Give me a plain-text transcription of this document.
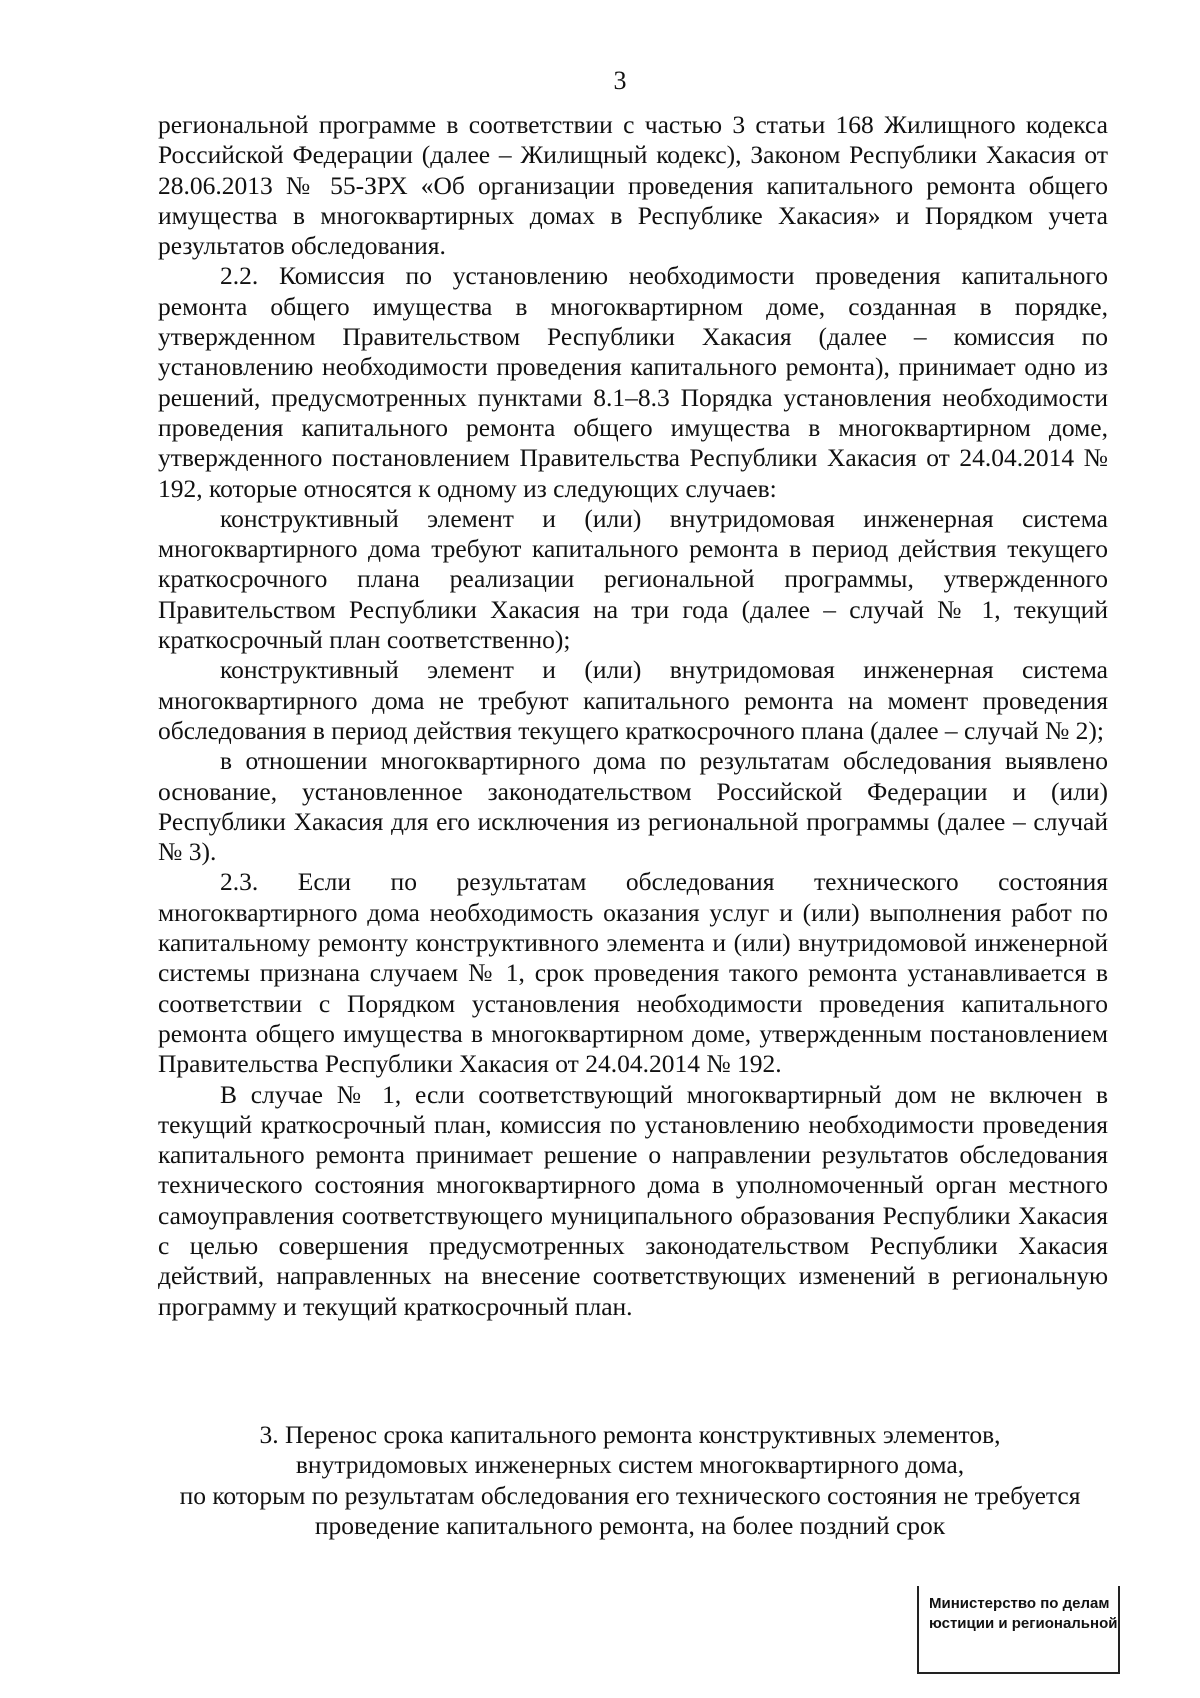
3

региональной программе в соответствии с частью 3 статьи 168 Жилищного кодекса Российской Федерации (далее – Жилищный кодекс), Законом Республики Хакасия от 28.06.2013 № 55-ЗРХ «Об организации проведения капитального ремонта общего имущества в многоквартирных домах в Республике Хакасия» и Порядком учета результатов обследования.

2.2. Комиссия по установлению необходимости проведения капитального ремонта общего имущества в многоквартирном доме, созданная в порядке, утвержденном Правительством Республики Хакасия (далее – комиссия по установлению необходимости проведения капитального ремонта), принимает одно из решений, предусмотренных пунктами 8.1–8.3 Порядка установления необходимости проведения капитального ремонта общего имущества в многоквартирном доме, утвержденного постановлением Правительства Республики Хакасия от 24.04.2014 № 192, которые относятся к одному из следующих случаев:

конструктивный элемент и (или) внутридомовая инженерная система многоквартирного дома требуют капитального ремонта в период действия текущего краткосрочного плана реализации региональной программы, утвержденного Правительством Республики Хакасия на три года (далее – случай № 1, текущий краткосрочный план соответственно);

конструктивный элемент и (или) внутридомовая инженерная система многоквартирного дома не требуют капитального ремонта на момент проведения обследования в период действия текущего краткосрочного плана (далее – случай № 2);

в отношении многоквартирного дома по результатам обследования выявлено основание, установленное законодательством Российской Федерации и (или) Республики Хакасия для его исключения из региональной программы (далее – случай № 3).

2.3. Если по результатам обследования технического состояния многоквартирного дома необходимость оказания услуг и (или) выполнения работ по капитальному ремонту конструктивного элемента и (или) внутридомовой инженерной системы признана случаем № 1, срок проведения такого ремонта устанавливается в соответствии с Порядком установления необходимости проведения капитального ремонта общего имущества в многоквартирном доме, утвержденным постановлением Правительства Республики Хакасия от 24.04.2014 № 192.

В случае № 1, если соответствующий многоквартирный дом не включен в текущий краткосрочный план, комиссия по установлению необходимости проведения капитального ремонта принимает решение о направлении результатов обследования технического состояния многоквартирного дома в уполномоченный орган местного самоуправления соответствующего муниципального образования Республики Хакасия с целью совершения предусмотренных законодательством Республики Хакасия действий, направленных на внесение соответствующих изменений в региональную программу и текущий краткосрочный план.

3. Перенос срока капитального ремонта конструктивных элементов,
внутридомовых инженерных систем многоквартирного дома,
по которым по результатам обследования его технического состояния не требуется
проведение капитального ремонта, на более поздний срок
Министерство по делам
юстиции и региональной
